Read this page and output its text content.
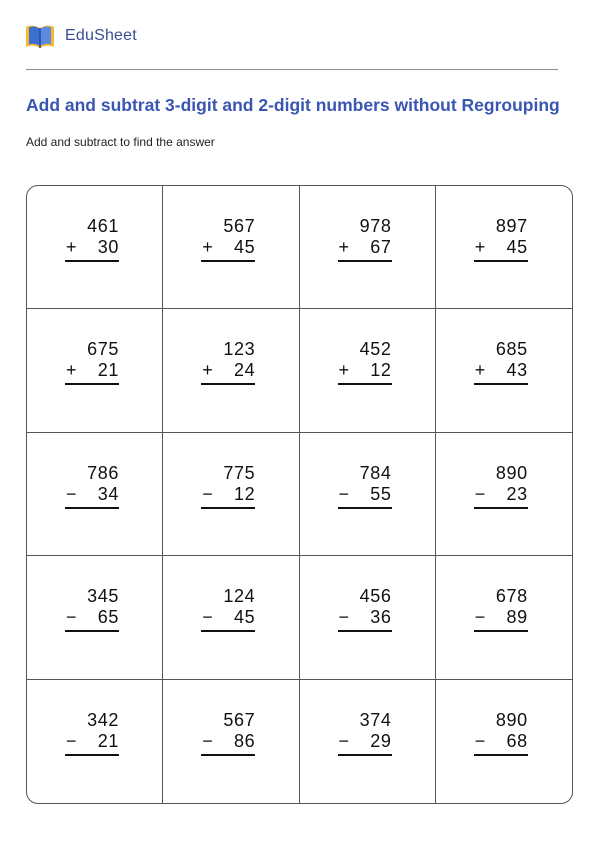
EduSheet
Add and subtrat 3-digit and 2-digit numbers without Regrouping
Add and subtract to find the answer
461
+ 30
567
+ 45
978
+ 67
897
+ 45
675
+ 21
123
+ 24
452
+ 12
685
+ 43
786
− 34
775
− 12
784
− 55
890
− 23
345
− 65
124
− 45
456
− 36
678
− 89
342
− 21
567
− 86
374
− 29
890
− 68
